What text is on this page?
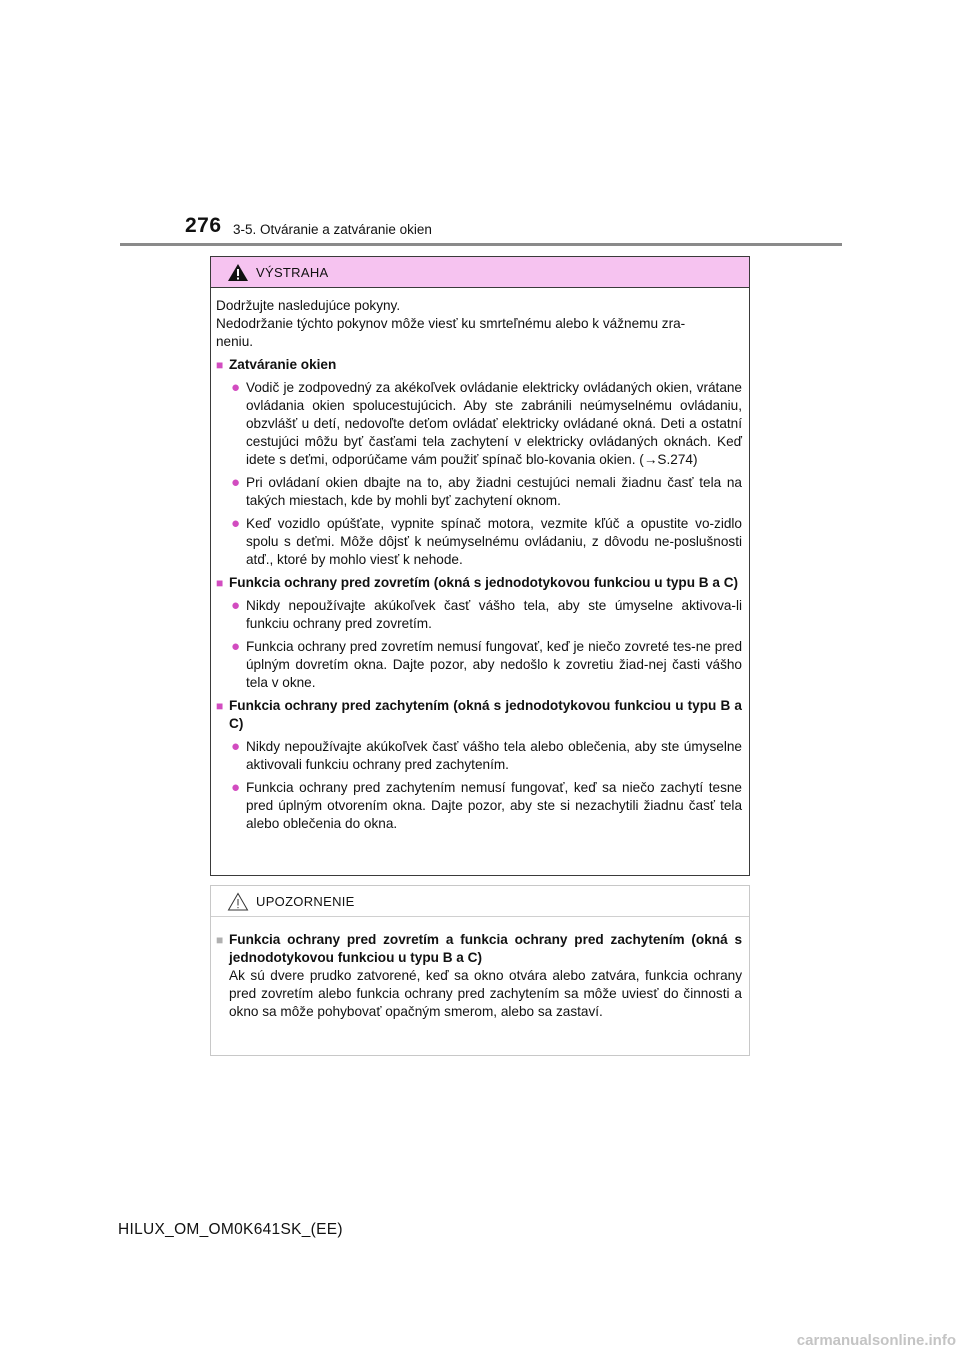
276 3-5. Otváranie a zatváranie okien
VÝSTRAHA

Dodržujte nasledujúce pokyny.
Nedodržanie týchto pokynov môže viesť ku smrteľnému alebo k vážnemu zra-
neniu.

■ Zatváranie okien
● Vodič je zodpovedný za akékoľvek ovládanie elektricky ovládaných okien, vrátane ovládania okien spolucestujúcich. Aby ste zabránili neúmyselnému ovládaniu, obzvlášť u detí, nedovoľte deťom ovládať elektricky ovládané okná. Deti a ostatní cestujúci môžu byť časťami tela zachytení v elektricky ovládaných oknách. Keď idete s deťmi, odporúčame vám použiť spínač blo-kovania okien. (→S.274)
● Pri ovládaní okien dbajte na to, aby žiadni cestujúci nemali žiadnu časť tela na takých miestach, kde by mohli byť zachytení oknom.
● Keď vozidlo opúšťate, vypnite spínač motora, vezmite kľúč a opustite vo-zidlo spolu s deťmi. Môže dôjsť k neúmyselnému ovládaniu, z dôvodu ne-poslušnosti atď., ktoré by mohlo viesť k nehode.
■ Funkcia ochrany pred zovretím (okná s jednodotykovou funkciou u typu B a C)
● Nikdy nepoužívajte akúkoľvek časť vášho tela, aby ste úmyselne aktivova-li funkciu ochrany pred zovretím.
● Funkcia ochrany pred zovretím nemusí fungovať, keď je niečo zovreté tes-ne pred úplným dovretím okna. Dajte pozor, aby nedošlo k zovretiu žiad-nej časti vášho tela v okne.
■ Funkcia ochrany pred zachytením (okná s jednodotykovou funkciou u typu B a C)
● Nikdy nepoužívajte akúkoľvek časť vášho tela alebo oblečenia, aby ste úmyselne aktivovali funkciu ochrany pred zachytením.
● Funkcia ochrany pred zachytením nemusí fungovať, keď sa niečo zachytí tesne pred úplným otvorením okna. Dajte pozor, aby ste si nezachytili žiadnu časť tela alebo oblečenia do okna.
UPOZORNENIE
■ Funkcia ochrany pred zovretím a funkcia ochrany pred zachytením (okná s jednodotykovou funkciou u typu B a C)

Ak sú dvere prudko zatvorené, keď sa okno otvára alebo zatvára, funkcia ochrany pred zovretím alebo funkcia ochrany pred zachytením sa môže uviesť do činnosti a okno sa môže pohybovať opačným smerom, alebo sa zastaví.

HILUX_OM_OM0K641SK_(EE)
carmanualsonline.info
